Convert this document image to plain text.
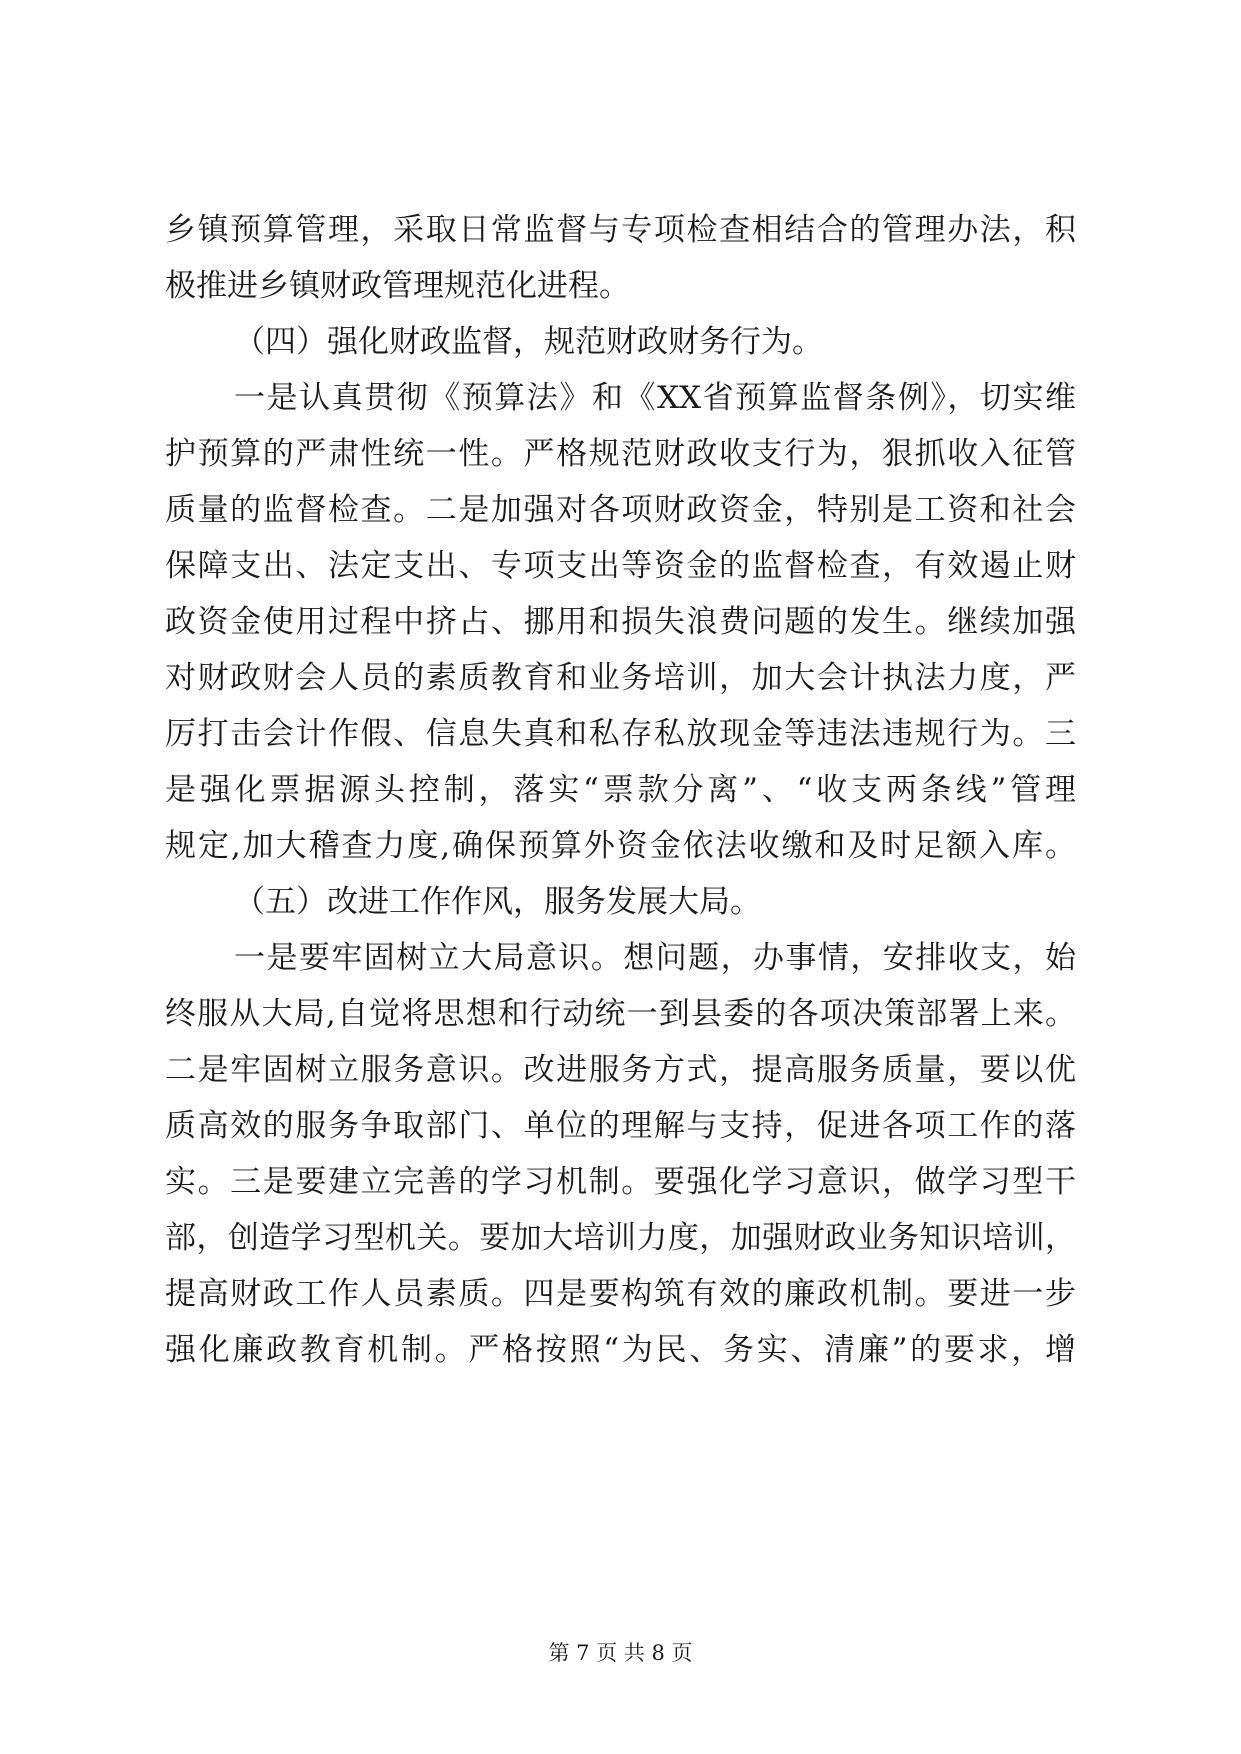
乡镇预算管理，采取日常监督与专项检查相结合的管理办法，积
极推进乡镇财政管理规范化进程。
（四）强化财政监督，规范财政财务行为。
一是认真贯彻《预算法》和《XX省预算监督条例》，切实维
护预算的严肃性统一性。严格规范财政收支行为，狠抓收入征管
质量的监督检查。二是加强对各项财政资金，特别是工资和社会
保障支出、法定支出、专项支出等资金的监督检查，有效遏止财
政资金使用过程中挤占、挪用和损失浪费问题的发生。继续加强
对财政财会人员的素质教育和业务培训，加大会计执法力度，严
厉打击会计作假、信息失真和私存私放现金等违法违规行为。三
是强化票据源头控制，落实“票款分离”、“收支两条线”管理
规定,加大稽查力度,确保预算外资金依法收缴和及时足额入库。
（五）改进工作作风，服务发展大局。
一是要牢固树立大局意识。想问题，办事情，安排收支，始
终服从大局,自觉将思想和行动统一到县委的各项决策部署上来。
二是牢固树立服务意识。改进服务方式，提高服务质量，要以优
质高效的服务争取部门、单位的理解与支持，促进各项工作的落
实。三是要建立完善的学习机制。要强化学习意识，做学习型干
部，创造学习型机关。要加大培训力度，加强财政业务知识培训，
提高财政工作人员素质。四是要构筑有效的廉政机制。要进一步
强化廉政教育机制。严格按照“为民、务实、清廉”的要求，增
第 7 页 共 8 页
